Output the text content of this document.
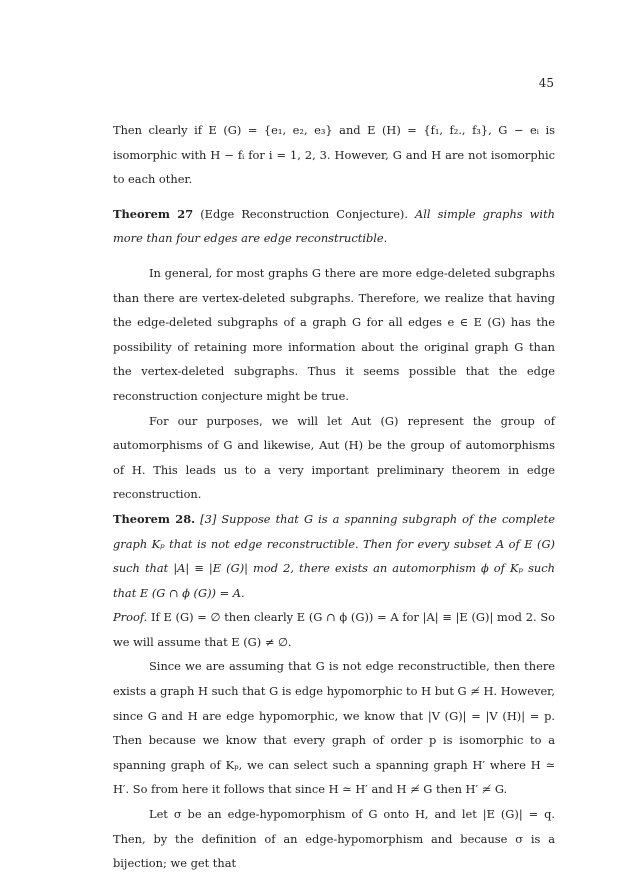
45

Then clearly if E (G) = {e₁, e₂, e₃} and E (H) = {f₁, f₂., f₃}, G − eᵢ is isomorphic with H − fᵢ for i = 1, 2, 3. However, G and H are not isomorphic to each other.

Theorem 27 (Edge Reconstruction Conjecture). All simple graphs with more than four edges are edge reconstructible.

In general, for most graphs G there are more edge-deleted subgraphs than there are vertex-deleted subgraphs. Therefore, we realize that having the edge-deleted subgraphs of a graph G for all edges e ∈ E (G) has the possibility of retaining more information about the original graph G than the vertex-deleted subgraphs. Thus it seems possible that the edge reconstruction conjecture might be true.

For our purposes, we will let Aut (G) represent the group of automorphisms of G and likewise, Aut (H) be the group of automorphisms of H. This leads us to a very important preliminary theorem in edge reconstruction.

Theorem 28. [3] Suppose that G is a spanning subgraph of the complete graph Kₚ that is not edge reconstructible. Then for every subset A of E (G) such that |A| ≡ |E (G)| mod 2, there exists an automorphism ϕ of Kₚ such that E (G ∩ ϕ (G)) = A.

Proof. If E (G) = ∅ then clearly E (G ∩ ϕ (G)) = A for |A| ≡ |E (G)| mod 2. So we will assume that E (G) ≠ ∅.

Since we are assuming that G is not edge reconstructible, then there exists a graph H such that G is edge hypomorphic to H but G ≄ H. However, since G and H are edge hypomorphic, we know that |V (G)| = |V (H)| = p. Then because we know that every graph of order p is isomorphic to a spanning graph of Kₚ, we can select such a spanning graph H′ where H ≃ H′. So from here it follows that since H ≃ H′ and H ≄ G then H′ ≄ G.

Let σ be an edge-hypomorphism of G onto H, and let |E (G)| = q. Then, by the definition of an edge-hypomorphism and because σ is a bijection; we get that
